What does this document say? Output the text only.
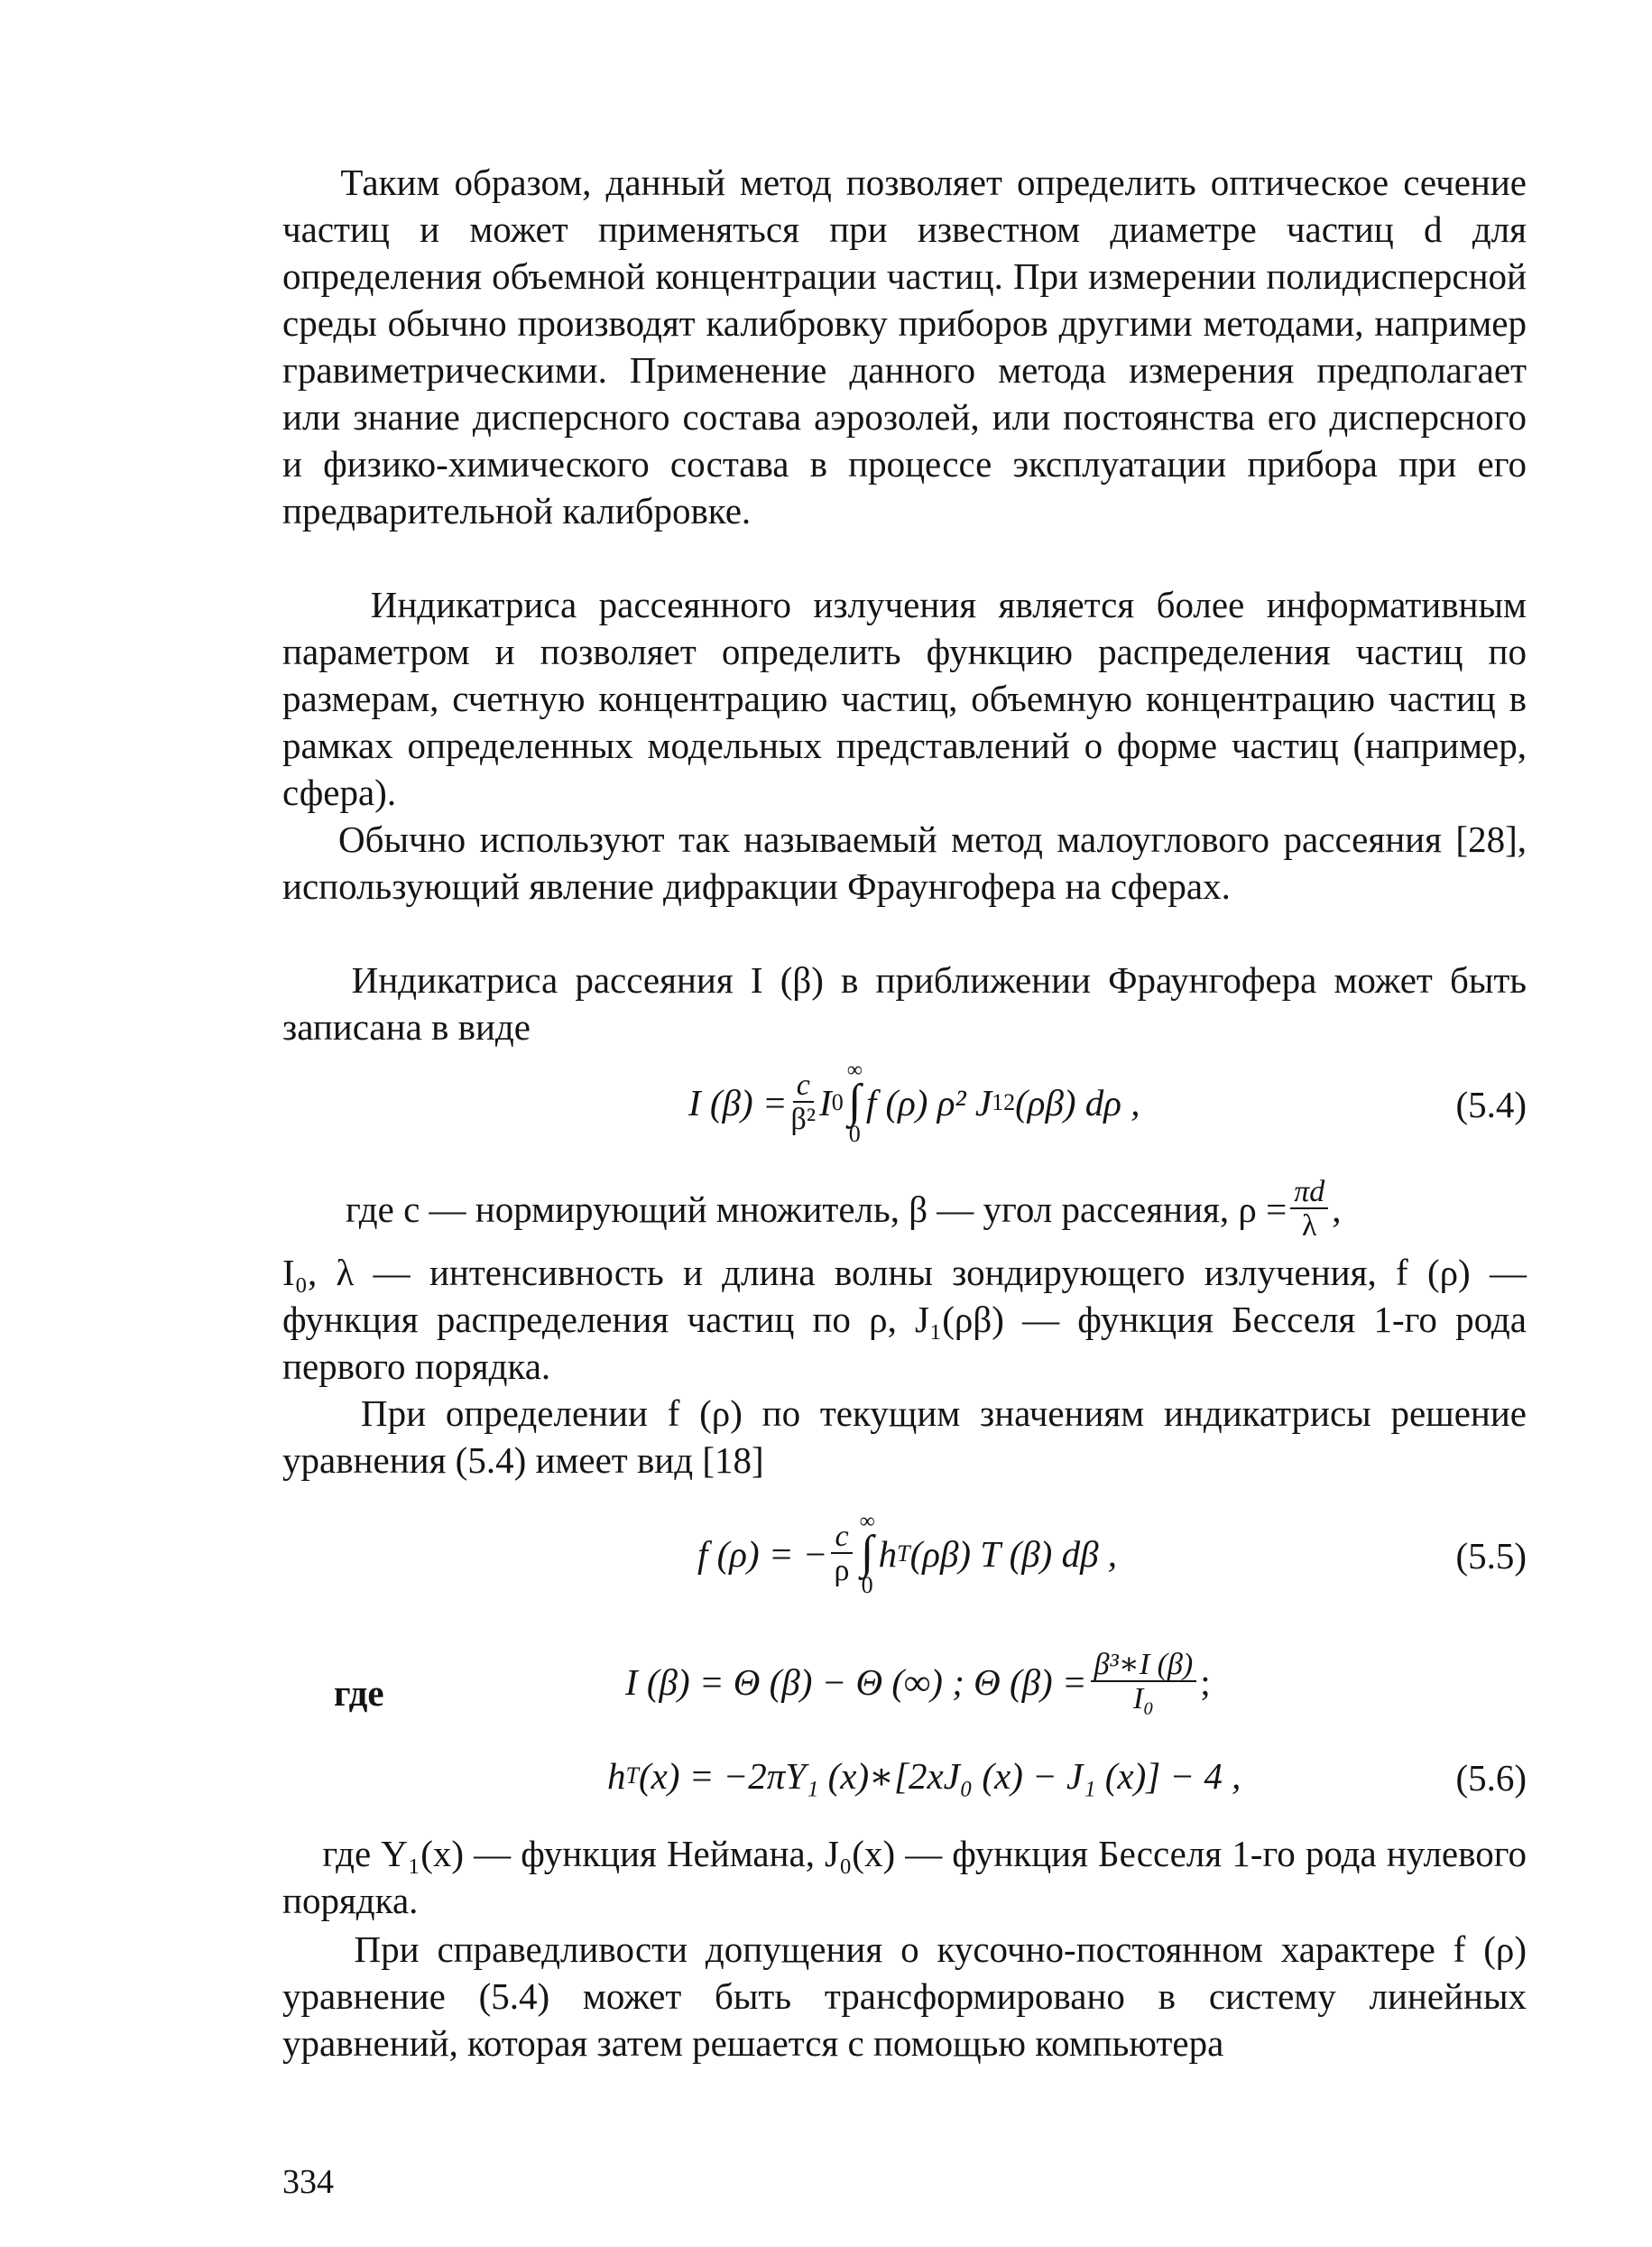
Таким образом, данный метод позволяет определить оптическое сечение частиц и может применяться при известном диаметре частиц d для определения объемной концентрации частиц. При измерении полидисперсной среды обычно производят калибровку приборов другими методами, например гравиметрическими. Применение данного метода измерения предполагает или знание дисперсного состава аэрозолей, или постоянства его дисперсного и физико-химического состава в процессе эксплуатации прибора при его предварительной калибровке.

Индикатриса рассеянного излучения является более информативным параметром и позволяет определить функцию распределения частиц по размерам, счетную концентрацию частиц, объемную концентрацию частиц в рамках определенных модельных представлений о форме частиц (например, сфера).

Обычно используют так называемый метод малоуглового рассеяния [28], использующий явление дифракции Фраунгофера на сферах.

Индикатриса рассеяния I (β) в приближении Фраунгофера может быть записана в виде

I $(\beta) = \frac{c}{\text{β²}}$ I 0
∞
∫
0
f (ρ) ρ² J 1 2 (ρβ) dρ ,	(5.4)
где c — нормирующий множитель, β — угол рассеяния, $\rho = \frac{\pi d}{\lambda}$ ,

I₀, λ — интенсивность и длина волны зондирующего излучения, f (ρ) — функция распределения частиц по ρ, J₁(ρβ) — функция Бесселя 1-го рода первого порядка.

При определении f (ρ) по текущим значениям индикатрисы решение уравнения (5.4) имеет вид [18]

f (ρ) = − $\frac{c}{\rho}$
∞
∫
0
h T (ρβ) T (β) dβ ,	(5.5)
где	I (β) = Θ (β) − Θ (∞) ; Θ $(\beta) = \frac{\text{β³∗I (β)}}{\text{I₀}}$ ;
h T (x) = −2πY₁ (x)∗[2xJ₀ (x) − J₁ (x)] − 4 ,	(5.6)

где Y₁(x) — функция Неймана, J₀(x) — функция Бесселя 1-го рода нулевого порядка.

При справедливости допущения о кусочно-постоянном характере f (ρ) уравнение (5.4) может быть трансформировано в систему линейных уравнений, которая затем решается с помощью компьютера

334
